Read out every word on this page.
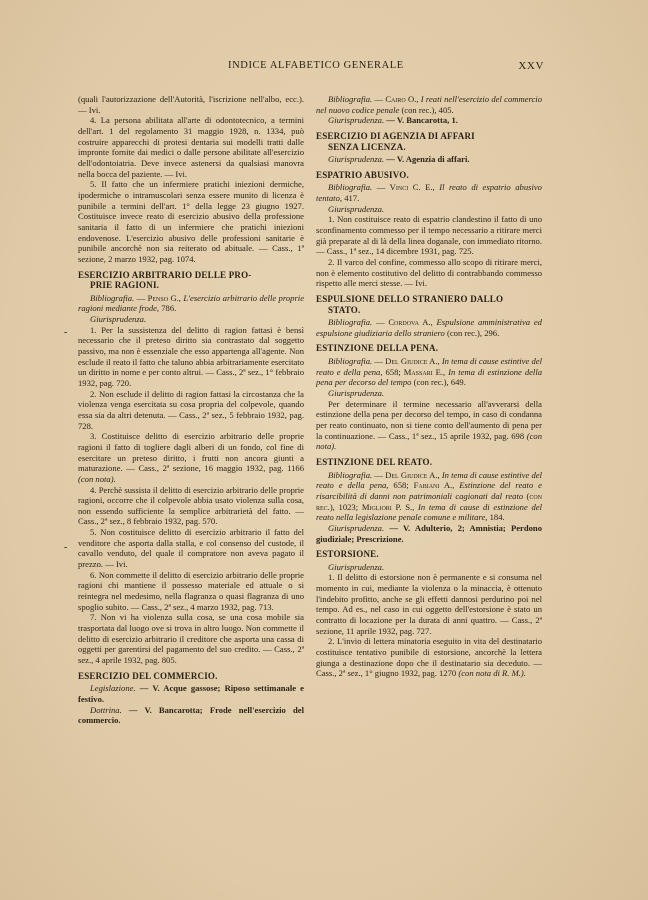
INDICE ALFABETICO GENERALE	XXV
-
-

(quali l'autorizzazione dell'Autorità, l'iscrizione nell'albo, ecc.). — Ivi.

4. La persona abilitata all'arte di odontotecnico, a termini dell'art. 1 del regolamento 31 maggio 1928, n. 1334, può costruire apparecchi di protesi dentaria sui modelli tratti dalle impronte fornite dai medici o dalle persone abilitate all'esercizio dell'odontoiatria. Deve invece astenersi da qualsiasi manovra nella bocca del paziente. — Ivi.

5. Il fatto che un infermiere pratichi iniezioni dermiche, ipodermiche o intramuscolari senza essere munito di licenza è punibile a termini dell'art. 1° della legge 23 giugno 1927. Costituisce invece reato di esercizio abusivo della professione sanitaria il fatto di un infermiere che pratichi iniezioni endovenose. L'esercizio abusivo delle professioni sanitarie è punibile ancorchè non sia reiterato od abituale. — Cass., 1ª sezione, 2 marzo 1932, pag. 1074.

ESERCIZIO ARBITRARIO DELLE PRO-
PRIE RAGIONI.

Bibliografia. — Penso G., L'esercizio arbitrario delle proprie ragioni mediante frode, 786.

Giurisprudenza.

1. Per la sussistenza del delitto di ragion fattasi è bensì necessario che il preteso diritto sia contrastato dal soggetto passivo, ma non è essenziale che esso appartenga all'agente. Non esclude il reato il fatto che taluno abbia arbitrariamente esercitato un diritto in nome e per conto altrui. — Cass., 2ª sez., 1° febbraio 1932, pag. 720.

2. Non esclude il delitto di ragion fattasi la circostanza che la violenza venga esercitata su cosa propria del colpevole, quando essa sia da altri detenuta. — Cass., 2ª sez., 5 febbraio 1932, pag. 728.

3. Costituisce delitto di esercizio arbitrario delle proprie ragioni il fatto di togliere dagli alberi di un fondo, col fine di esercitare un preteso diritto, i frutti non ancora giunti a maturazione. — Cass., 2ª sezione, 16 maggio 1932, pag. 1166 (con nota).

4. Perchè sussista il delitto di esercizio arbitrario delle proprie ragioni, occorre che il colpevole abbia usato violenza sulla cosa, non essendo sufficiente la semplice arbitrarietà del fatto. — Cass., 2ª sez., 8 febbraio 1932, pag. 570.

5. Non costituisce delitto di esercizio arbitrario il fatto del venditore che asporta dalla stalla, e col consenso del custode, il cavallo venduto, del quale il compratore non aveva pagato il prezzo. — Ivi.

6. Non commette il delitto di esercizio arbitrario delle proprie ragioni chi mantiene il possesso materiale ed attuale o si reintegra nel medesimo, nella flagranza o quasi flagranza di uno spoglio subito. — Cass., 2ª sez., 4 marzo 1932, pag. 713.

7. Non vi ha violenza sulla cosa, se una cosa mobile sia trasportata dal luogo ove si trova in altro luogo. Non commette il delitto di esercizio arbitrario il creditore che asporta una cassa di oggetti per garentirsi del pagamento del suo credito. — Cass., 2ª sez., 4 aprile 1932, pag. 805.

ESERCIZIO DEL COMMERCIO.

Legislazione. — V. Acque gassose; Riposo settimanale e festivo.

Dottrina. — V. Bancarotta; Frode nell'esercizio del commercio.

Bibliografia. — Cairo O., I reati nell'esercizio del commercio nel nuovo codice penale (con rec.), 405.

Giurisprudenza. — V. Bancarotta, 1.

ESERCIZIO DI AGENZIA DI AFFARI
SENZA LICENZA.

Giurisprudenza. — V. Agenzia di affari.

ESPATRIO ABUSIVO.

Bibliografia. — Vinci C. E., Il reato di espatrio abusivo tentato, 417.

Giurisprudenza.

1. Non costituisce reato di espatrio clandestino il fatto di uno sconfinamento commesso per il tempo necessario a ritirare merci già preparate al di là della linea doganale, con immediato ritorno. — Cass., 1ª sez., 14 dicembre 1931, pag. 725.

2. Il varco del confine, commesso allo scopo di ritirare merci, non è elemento costitutivo del delitto di contrabbando commesso rispetto alle merci stesse. — Ivi.

ESPULSIONE DELLO STRANIERO DALLO
STATO.

Bibliografia. — Cordova A., Espulsione amministrativa ed espulsione giudiziaria dello straniero (con rec.), 296.

ESTINZIONE DELLA PENA.

Bibliografia. — Del Giudice A., In tema di cause estintive del reato e della pena, 658; Massari E., In tema di estinzione della pena per decorso del tempo (con rec.), 649.

Giurisprudenza.

Per determinare il termine necessario all'avverarsi della estinzione della pena per decorso del tempo, in caso di condanna per reato continuato, non si tiene conto dell'aumento di pena per la continuazione. — Cass., 1ª sez., 15 aprile 1932, pag. 698 (con nota).

ESTINZIONE DEL REATO.

Bibliografia. — Del Giudice A., In tema di cause estintive del reato e della pena, 658; Fabiani A., Estinzione del reato e risarcibilità di danni non patrimoniali cagionati dal reato (con rec.), 1023; Migliori P. S., In tema di cause di estinzione del reato nella legislazione penale comune e militare, 184.

Giurisprudenza. — V. Adulterio, 2; Amnistia; Perdono giudiziale; Prescrizione.

ESTORSIONE.

Giurisprudenza.

1. Il delitto di estorsione non è permanente e si consuma nel momento in cui, mediante la violenza o la minaccia, è ottenuto l'indebito profitto, anche se gli effetti dannosi perdurino poi nel tempo. Ad es., nel caso in cui oggetto dell'estorsione è stato un contratto di locazione per la durata di anni quattro. — Cass., 2ª sezione, 11 aprile 1932, pag. 727.

2. L'invio di lettera minatoria eseguito in vita del destinatario costituisce tentativo punibile di estorsione, ancorchè la lettera giunga a destinazione dopo che il destinatario sia deceduto. — Cass., 2ª sez., 1° giugno 1932, pag. 1270 (con nota di R. M.).
